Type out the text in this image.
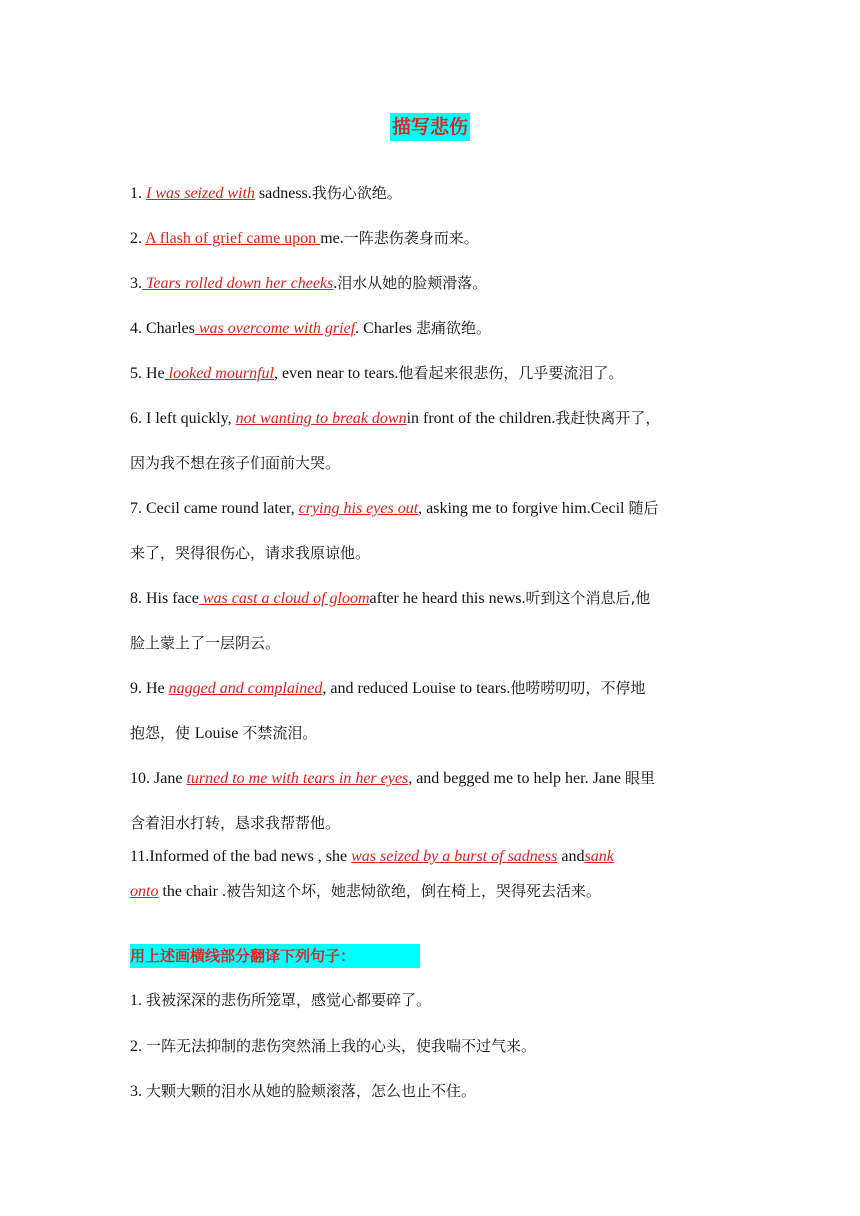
描写悲伤
1. I was seized with sadness.我伤心欲绝。
2. A flash of grief came upon me.一阵悲伤袭身而来。
3. Tears rolled down her cheeks.泪水从她的脸颊滑落。
4. Charles was overcome with grief. Charles 悲痛欲绝。
5. He looked mournful, even near to tears.他看起来很悲伤，几乎要流泪了。
6. I left quickly, not wanting to break downin front of the children.我赶快离开了，
因为我不想在孩子们面前大哭。
7. Cecil came round later, crying his eyes out, asking me to forgive him.Cecil 随后
来了，哭得很伤心，请求我原谅他。
8. His face was cast a cloud of gloomafter he heard this news.听到这个消息后,他
脸上蒙上了一层阴云。
9. He nagged and complained, and reduced Louise to tears.他唠唠叨叨，不停地
抱怨，使 Louise 不禁流泪。
10. Jane turned to me with tears in her eyes, and begged me to help her. Jane 眼里
含着泪水打转，恳求我帮帮他。
11.Informed of the bad news , she was seized by a burst of sadness andsank
onto the chair .被告知这个坏，她悲恸欲绝，倒在椅上，哭得死去活来。
用上述画横线部分翻译下列句子：
1. 我被深深的悲伤所笼罩，感觉心都要碎了。
2. 一阵无法抑制的悲伤突然涌上我的心头，使我喘不过气来。
3. 大颗大颗的泪水从她的脸颊滚落，怎么也止不住。
